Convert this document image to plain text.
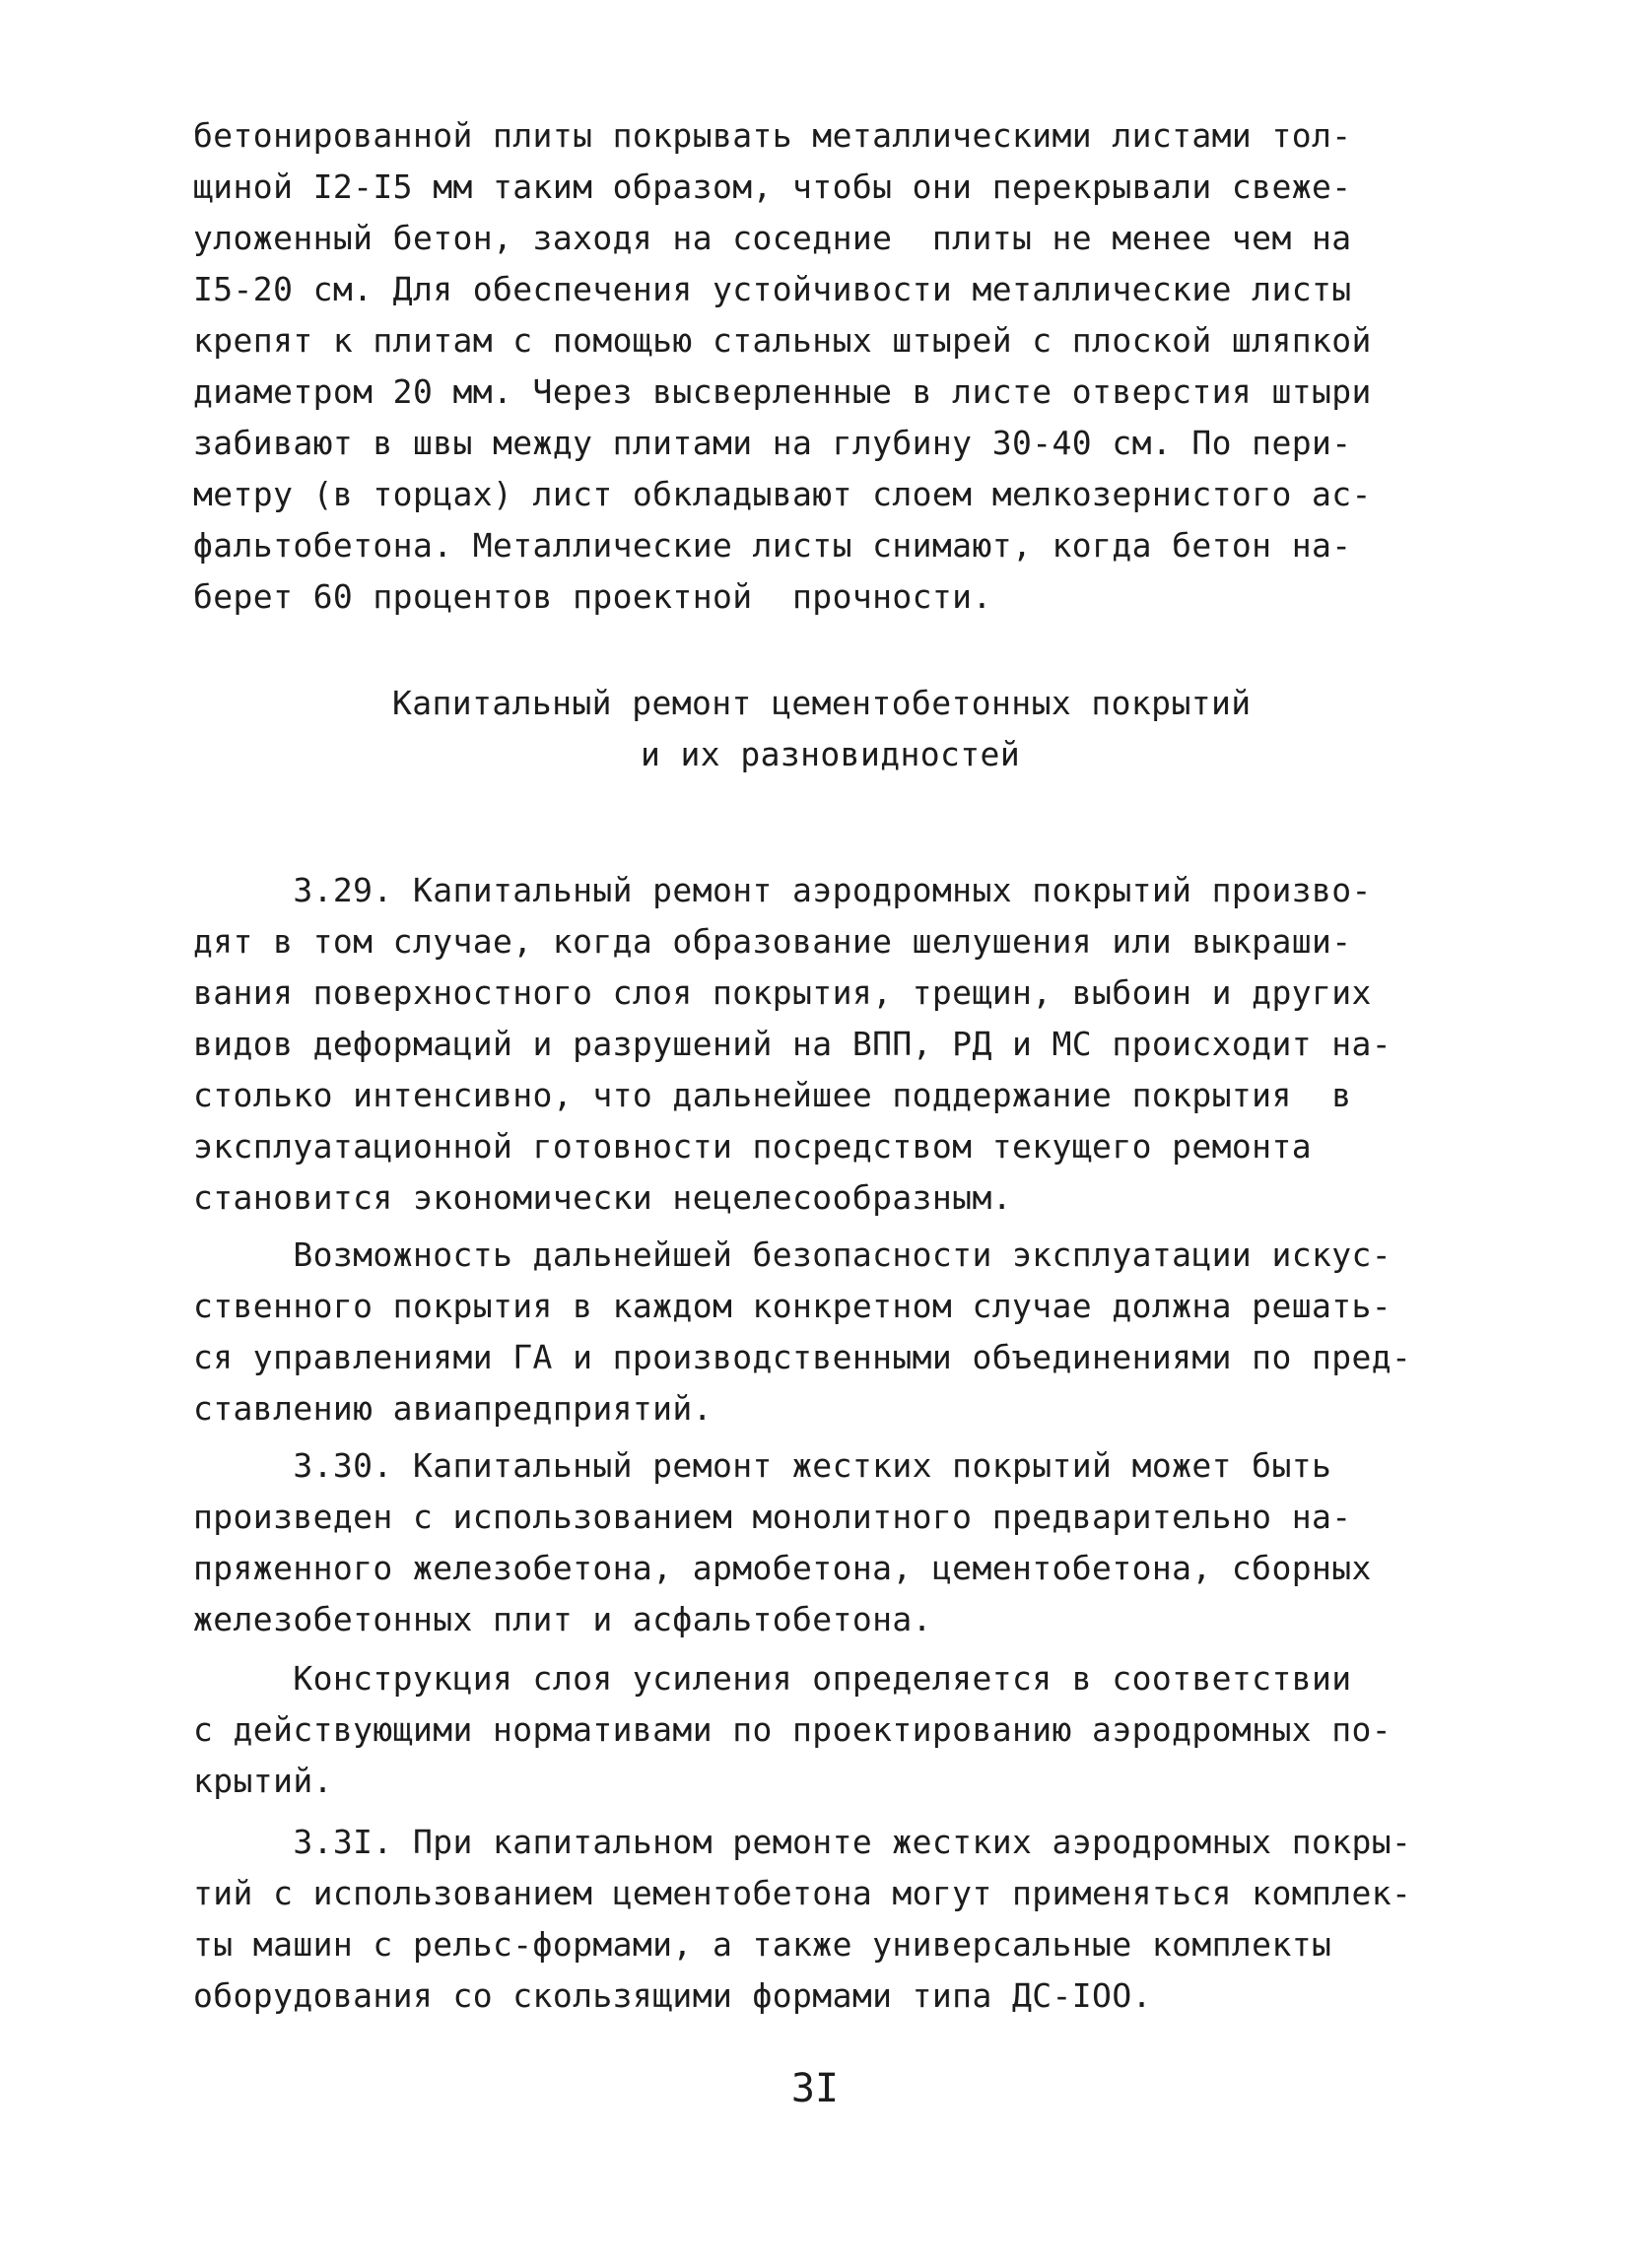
бетонированной плиты покрывать металлическими листами тол-
щиной I2-I5 мм таким образом, чтобы они перекрывали свеже-
уложенный бетон, заходя на соседние  плиты не менее чем на
I5-20 см. Для обеспечения устойчивости металлические листы
крепят к плитам с помощью стальных штырей с плоской шляпкой
диаметром 20 мм. Через высверленные в листе отверстия штыри
забивают в швы между плитами на глубину 30-40 см. По пери-
метру (в торцах) лист обкладывают слоем мелкозернистого ас-
фальтобетона. Металлические листы снимают, когда бетон на-
берет 60 процентов проектной  прочности.
Капитальный ремонт цементобетонных покрытий
и их разновидностей
3.29. Капитальный ремонт аэродромных покрытий произво-
дят в том случае, когда образование шелушения или выкраши-
вания поверхностного слоя покрытия, трещин, выбоин и других
видов деформаций и разрушений на ВПП, РД и МС происходит на-
столько интенсивно, что дальнейшее поддержание покрытия  в
эксплуатационной готовности посредством текущего ремонта
становится экономически нецелесообразным.
Возможность дальнейшей безопасности эксплуатации искус-
ственного покрытия в каждом конкретном случае должна решать-
ся управлениями ГА и производственными объединениями по пред-
ставлению авиапредприятий.
3.30. Капитальный ремонт жестких покрытий может быть
произведен с использованием монолитного предварительно на-
пряженного железобетона, армобетона, цементобетона, сборных
железобетонных плит и асфальтобетона.
Конструкция слоя усиления определяется в соответствии
с действующими нормативами по проектированию аэродромных по-
крытий.
3.3I. При капитальном ремонте жестких аэродромных покры-
тий с использованием цементобетона могут применяться комплек-
ты машин с рельс-формами, а также универсальные комплекты
оборудования со скользящими формами типа ДС-IOO.
3I
